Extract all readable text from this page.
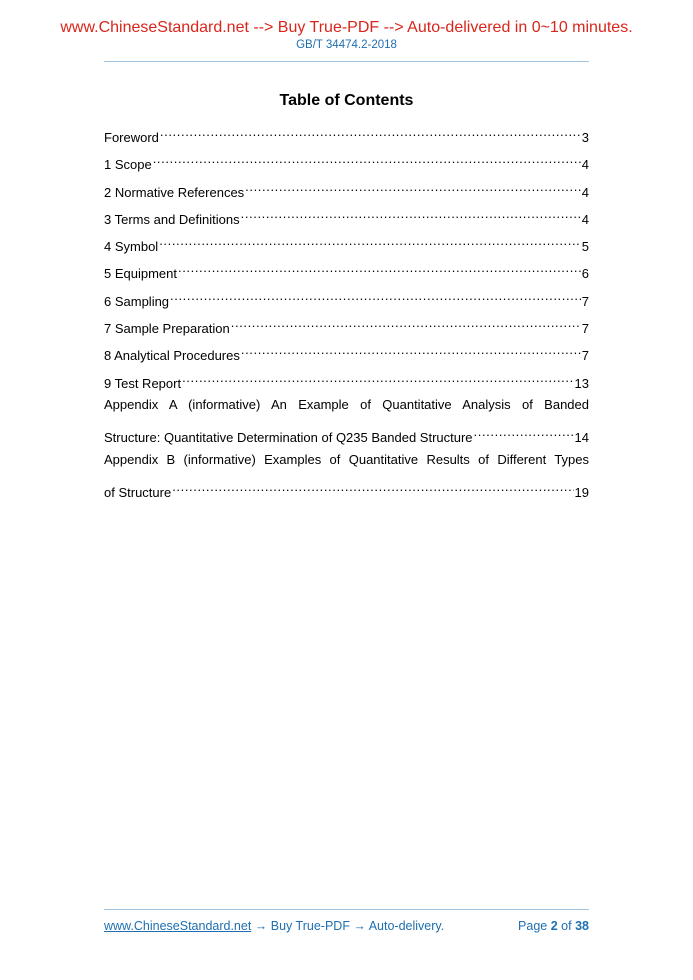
www.ChineseStandard.net --> Buy True-PDF --> Auto-delivered in 0~10 minutes.
GB/T 34474.2-2018
Table of Contents
Foreword .....	3
1 Scope .....	4
2 Normative References .....	4
3 Terms and Definitions .....	4
4 Symbol .....	5
5 Equipment .....	6
6 Sampling .....	7
7 Sample Preparation .....	7
8 Analytical Procedures .....	7
9 Test Report .....	13
Appendix A (informative) An Example of Quantitative Analysis of Banded
Structure: Quantitative Determination of Q235 Banded Structure .....	14
Appendix B (informative) Examples of Quantitative Results of Different Types
of Structure .....	19
www.ChineseStandard.net → Buy True-PDF → Auto-delivery.	Page 2 of 38
